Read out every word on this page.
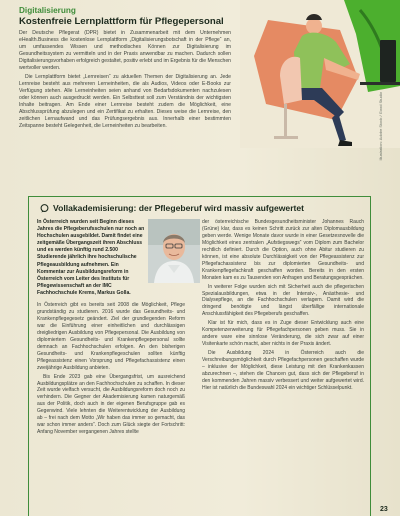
Digitalisierung

Kostenfreie Lernplattform für Pflegepersonal

Der Deutsche Pflegerat (DPR) bietet in Zusammenarbeit mit dem Unternehmen eHealth.Business die kostenlose Lernplattform „Digitalisierungsbotschaft in der Pflege“ an, um umfassendes Wissen und methodisches Können zur Digitalisierung im Gesundheitssystem zu vermitteln und in der Praxis anwendbar zu machen. Dadurch sollen Digitalisierungsvorhaben erfolgreich gestaltet, positiv erlebt und im Ergebnis für die Menschen wertvoller werden.

Die Lernplattform bietet „Lernreisen“ zu aktuellen Themen der Digitalisierung an. Jede Lernreise besteht aus mehreren Lerneinheiten, die als Audios, Videos oder E-Books zur Verfügung stehen. Alle Lerneinheiten seien anhand von Bedarfsdokumenten nachzulesen oder können auch ausgedruckt werden. Ein Selbsttest soll zum Verständnis der wichtigsten Inhalte beitragen. Am Ende einer Lernreise besteht zudem die Möglichkeit, eine Abschlussprüfung abzulegen und ein Zertifikat zu erhalten. Dieses weise die Lernreise, den zeitlichen Lernaufwand und das Prüfungsergebnis aus. Innerhalb einer bestimmten Zeitspanne besteht Gelegenheit, die Lerneinheiten zu bearbeiten.	Illustration: Adobe Stock / Good Studio
Vollakademisierung: der Pflegeberuf wird massiv aufgewertet

In Österreich wurden seit Beginn dieses Jahres die Pflegeberufsschulen nur noch an Hochschulen ausgebildet. Damit findet eine zeitgemäße Übergangszeit ihren Abschluss und es werden künftig rund 2.500 Studierende jährlich ihre hochschulische Pflegeausbildung aufnehmen. Ein Kommentar zur Ausbildungsreform in Österreich vom Leiter des Instituts für Pflegewissenschaft an der IMC Fachhochschule Krems, Markus Golla.

In Österreich gibt es bereits seit 2008 die Möglichkeit, Pflege grundständig zu studieren. 2016 wurde das Gesundheits- und Krankenpflegegesetz geändert. Ziel der grundlegenden Reform war die Einführung einer einheitlichen und durchlässigen dreigliedrigen Ausbildung von Pflegepersonal. Die Ausbildung von diplomiertem Gesundheits- und Krankenpflegepersonal sollte demnach an Fachhochschulen erfolgen. An den bisherigen Gesundheits- und Krankenpflegeschulen sollten künftig Pflegeassistenz einen Vorsprung und Pflegefachassistenz einen zweijährige Ausbildung anbieten.

Bis Ende 2023 gab eine Übergangsfrist, um ausreichend Ausbildungsplätze an den Fachhochschulen zu schaffen. In dieser Zeit wurde vielfach versucht, die Ausbildungsreform doch noch zu verhindern. Die Gegner der Akademisierung kamen naturgemäß aus der Politik, doch auch in der eigenen Berufsgruppe gab es Gegenwind. Viele lehnten die Weiterentwicklung der Ausbildung ab – frei nach dem Motto „Wir haben das immer so gemacht, das war schon immer anders“. Doch zum Glück siegte der Fortschritt: Anfang November vergangenen Jahres stellte

der österreichische Bundesgesundheitsminister Johannes Rauch (Grüne) klar, dass es keinen Schritt zurück zur alten Diplomausbildung geben werde. Wenige Monate davor wurde in einer Gesetzesnovelle die Möglichkeit eines zentralen „Aufstiegswegs“ vom Diplom zum Bachelor rechtlich definiert. Durch die Option, auch ohne Abitur studieren zu können, ist eine absolute Durchlässigkeit von der Pflegeassistenz zur Pflegefachassistenz bis zur diplomierten Gesundheits- und Krankenpflegefachkraft geschaffen worden. Bereits in den ersten Monaten kam es zu Tausenden von Anfragen und Beratungsgesprächen.

In weiterer Folge wurden sich mit Sicherheit auch die pflegerischen Spezialausbildungen, etwa in der Intensiv-, Anästhesie- und Dialysepflege, an die Fachhochschulen verlagern. Damit wird die dringend benötigte und längst überfällige internationale Anschlussfähigkeit des Pflegeberufs geschaffen.

Klar ist für mich, dass es in Zuge dieser Entwicklung auch eine Kompetenzerweiterung für Pflegefachpersonen geben muss. Sie in andere ware eine sinnlose Veränderung, die sich zwar auf einer Visitenkarte schön macht, aber nichts in der Praxis ändert.

Die Ausbildung 2024 in Österreich auch die Verschreibungsmöglichkeit durch Pflegefachpersonen geschaffen wurde – inklusive der Möglichkeit, diese Leistung mit den Krankenkassen abzurechnen –, stehen die Chancen gut, dass sich der Pflegeberuf in den kommenden Jahren massiv verbessert und weiter aufgewertet wird. Hier ist natürlich die Bundeswahl 2024 ein wichtiger Schlüsselpunkt.

23
